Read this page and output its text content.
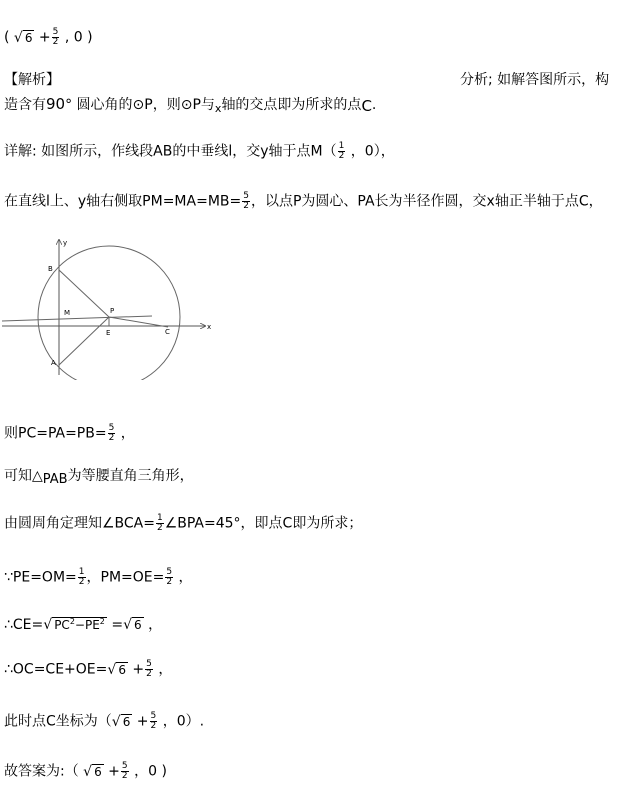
( √ $6 + \frac{5}{2}$ , 0 )
【解析】	分析; 如解答图所示，构
造含有90° 圆心角的⊙P，则⊙P与$_x$轴的交点即为所求的点C.
详解: 如图所示，作线段AB的中垂线l，交y轴于点$M( \frac{1}{2}$ ，0），
在直线l上、y轴右侧取$PM=MA=MB= \frac{5}{2}$ ，以点P为圆心、PA长为半径作圆，交x轴正半轴于点C，
y
x
B
M	P
C
E
A
则$PC=PA=PB= \frac{5}{2}$ ，
可知△PAB为等腰直角三角形，
由圆周角定理知∠BCA= $\frac{1}{2}$ ∠BPA=45°，即点C即为所求；
∵PE=OM= $\frac{1}{2}$ ，$PM=OE= \frac{5}{2}$ ，
∴CE=√ $PC^2-PE^2$ =√ 6 ，
∴OC=CE+OE=√ $6 + \frac{5}{2}$ ，
此时点C坐标为（√ $6 + \frac{5}{2}$ ，0）.
故答案为:（ √ $6 + \frac{5}{2}$ ，0 )
